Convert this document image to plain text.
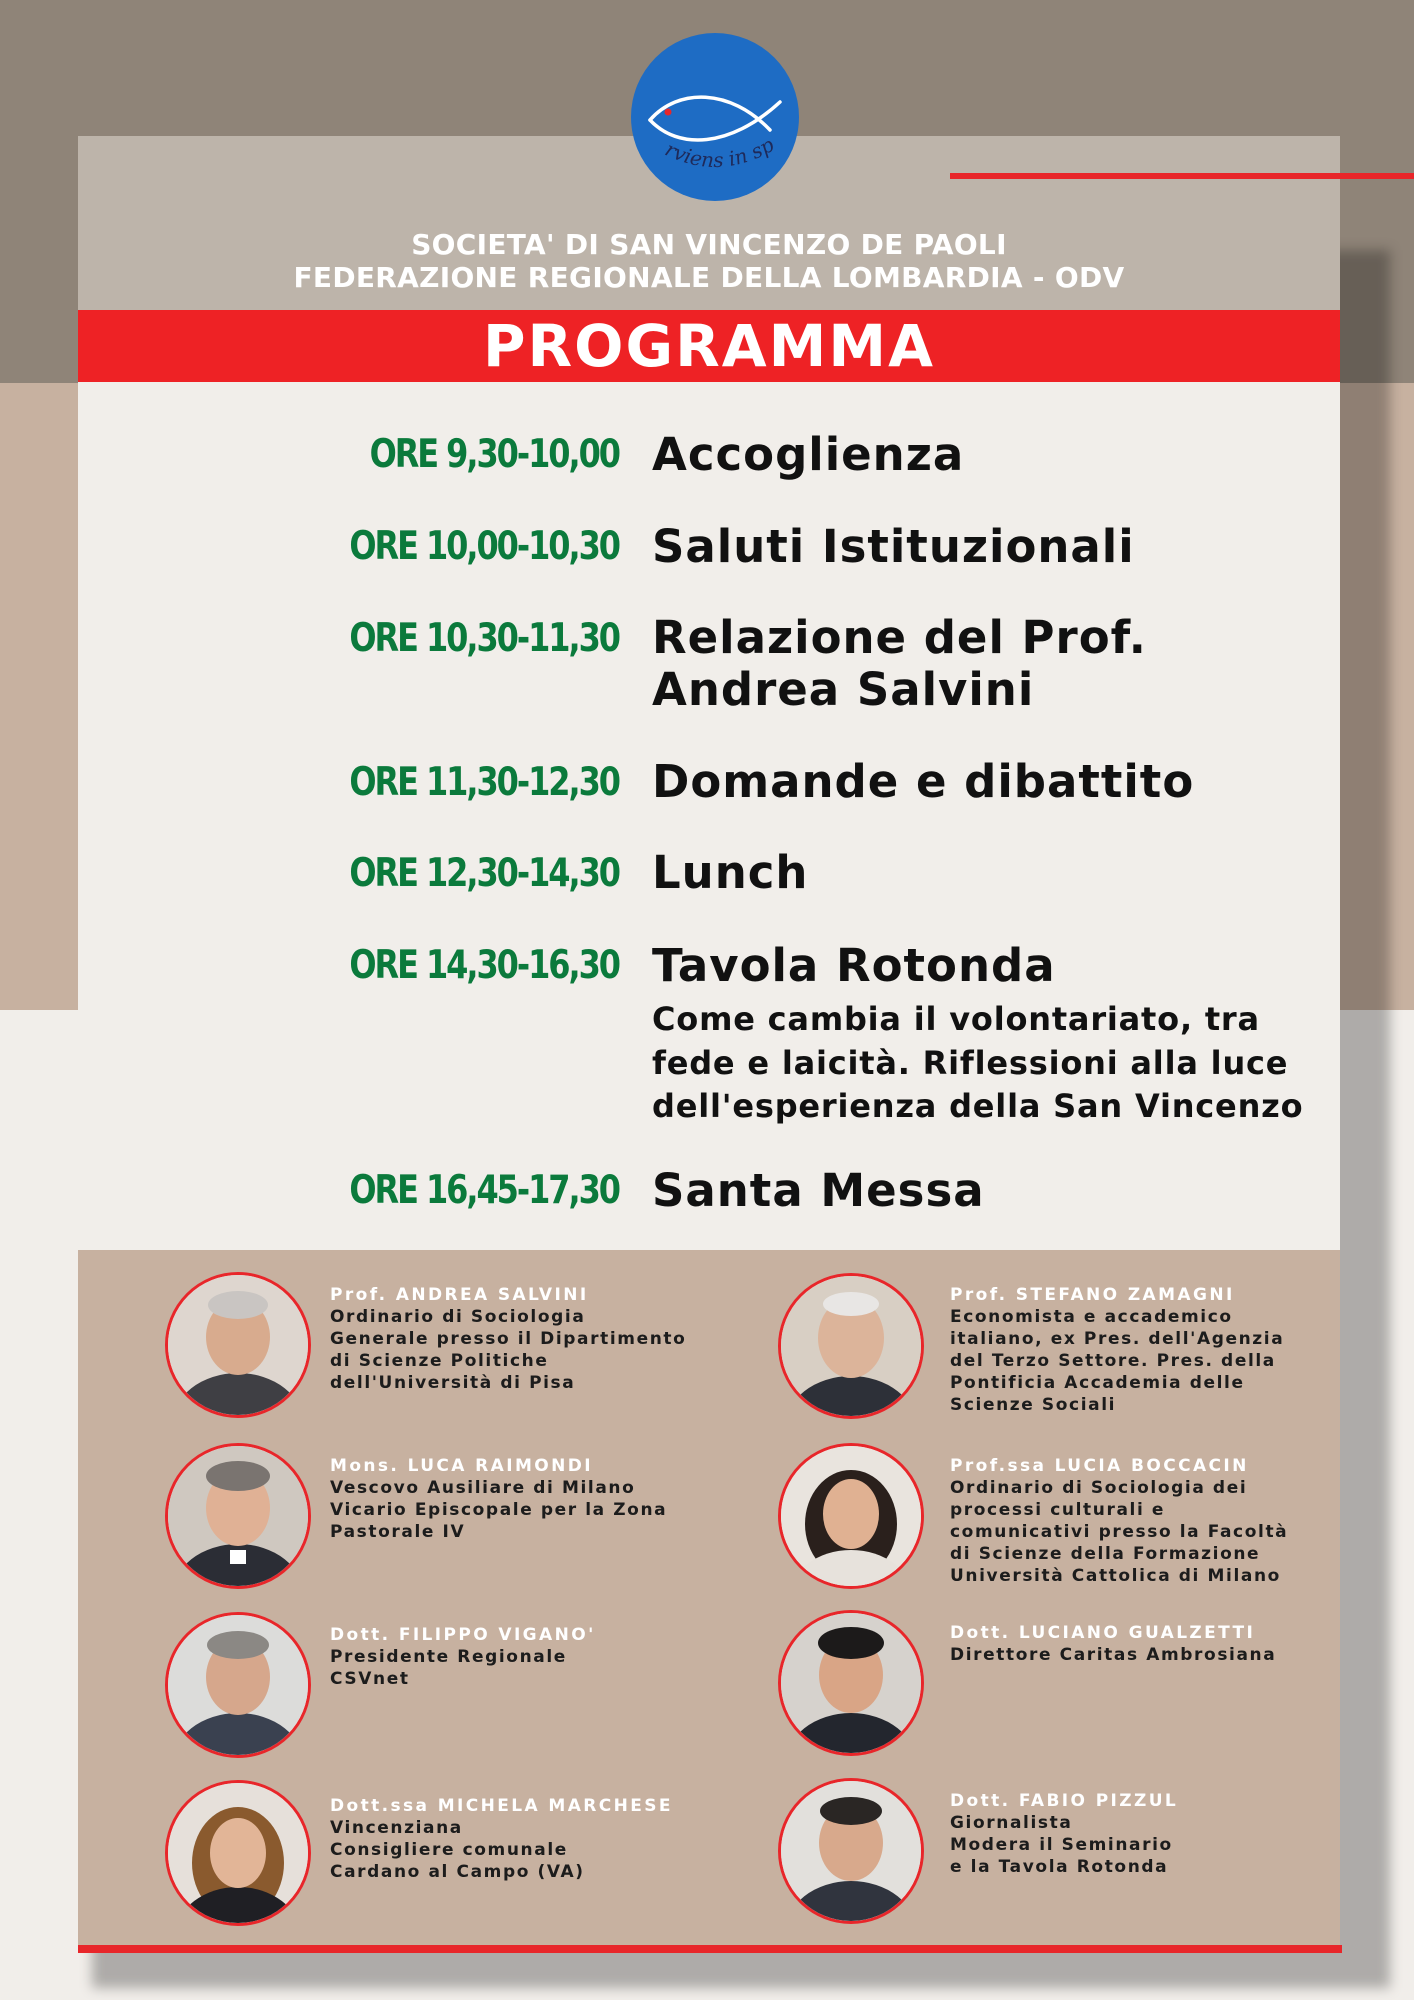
rviens in sp
SOCIETA' DI SAN VINCENZO DE PAOLI
FEDERAZIONE REGIONALE DELLA LOMBARDIA - ODV
PROGRAMMA
ORE 9,30-10,00 Accoglienza
ORE 10,00-10,30 Saluti Istituzionali
ORE 10,30-11,30 Relazione del Prof.
Andrea Salvini
ORE 11,30-12,30 Domande e dibattito
ORE 12,30-14,30 Lunch
ORE 14,30-16,30 Tavola Rotonda
Come cambia il volontariato, tra
fede e laicità. Riflessioni alla luce
dell'esperienza della San Vincenzo
ORE 16,45-17,30 Santa Messa
Prof. ANDREA SALVINI
Ordinario di Sociologia
Generale presso il Dipartimento
di Scienze Politiche
dell'Università di Pisa
Mons. LUCA RAIMONDI
Vescovo Ausiliare di Milano
Vicario Episcopale per la Zona
Pastorale IV
Dott. FILIPPO VIGANO'
Presidente Regionale
CSVnet
Dott.ssa MICHELA MARCHESE
Vincenziana
Consigliere comunale
Cardano al Campo (VA)
Prof. STEFANO ZAMAGNI
Economista e accademico
italiano, ex Pres. dell'Agenzia
del Terzo Settore. Pres. della
Pontificia Accademia delle
Scienze Sociali
Prof.ssa LUCIA BOCCACIN
Ordinario di Sociologia dei
processi culturali e
comunicativi presso la Facoltà
di Scienze della Formazione
Università Cattolica di Milano
Dott. LUCIANO GUALZETTI
Direttore Caritas Ambrosiana
Dott. FABIO PIZZUL
Giornalista
Modera il Seminario
e la Tavola Rotonda
